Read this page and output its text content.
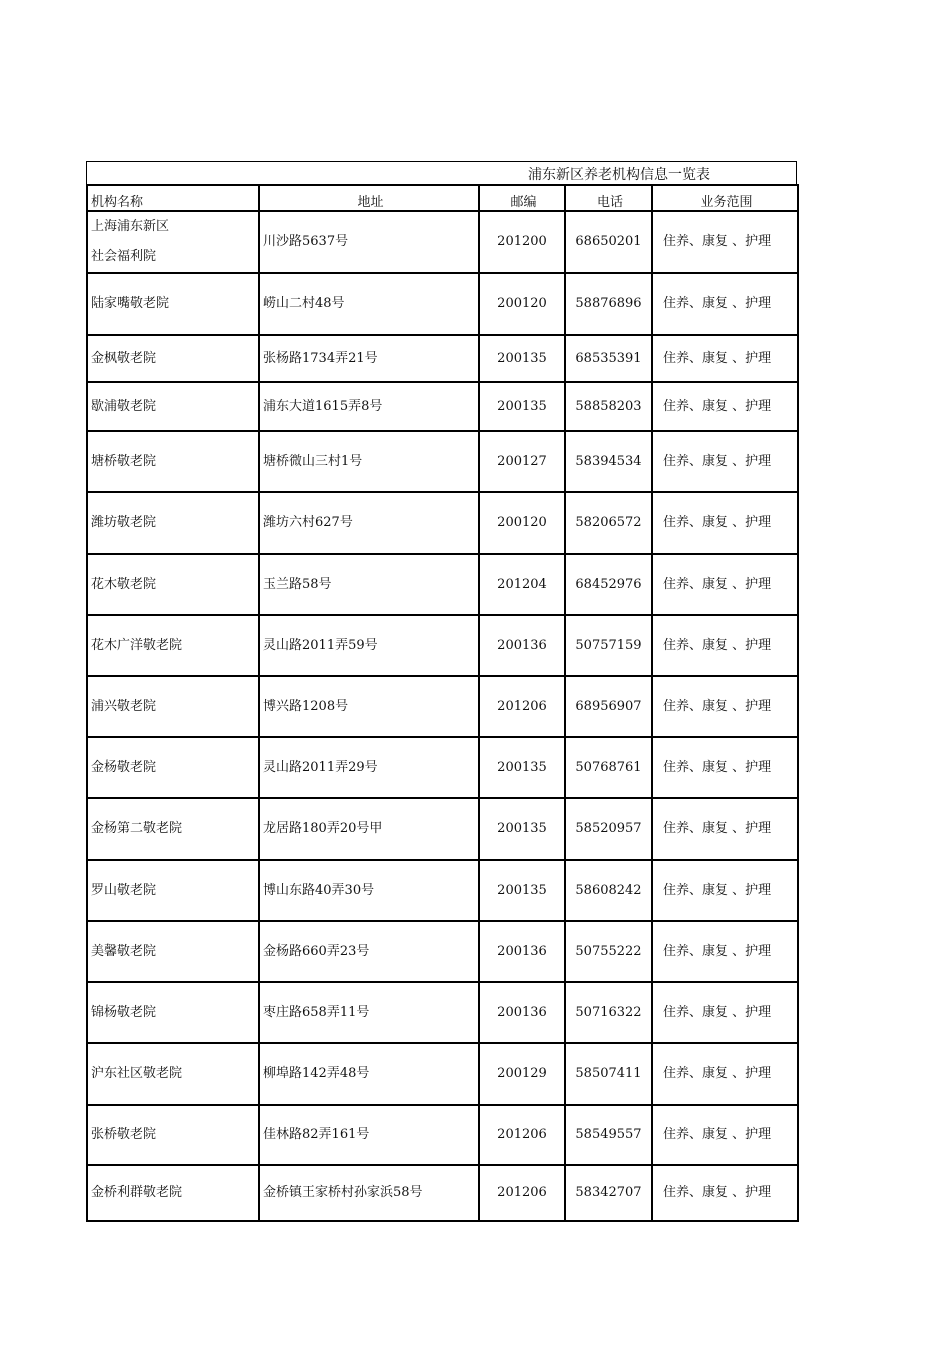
浦东新区养老机构信息一览表
机构名称	地址	邮编	电话	业务范围

上海浦东新区
社会福利院	川沙路5637号	201200	68650201	住养、康复 、护理

陆家嘴敬老院	崂山二村48号	200120	58876896	住养、康复 、护理

金枫敬老院	张杨路1734弄21号	200135	68535391	住养、康复 、护理

歇浦敬老院	浦东大道1615弄8号	200135	58858203	住养、康复 、护理

塘桥敬老院	塘桥微山三村1号	200127	58394534	住养、康复 、护理

潍坊敬老院	潍坊六村627号	200120	58206572	住养、康复 、护理

花木敬老院	玉兰路58号	201204	68452976	住养、康复 、护理

花木广洋敬老院	灵山路2011弄59号	200136	50757159	住养、康复 、护理

浦兴敬老院	博兴路1208号	201206	68956907	住养、康复 、护理

金杨敬老院	灵山路2011弄29号	200135	50768761	住养、康复 、护理

金杨第二敬老院	龙居路180弄20号甲	200135	58520957	住养、康复 、护理

罗山敬老院	博山东路40弄30号	200135	58608242	住养、康复 、护理

美馨敬老院	金杨路660弄23号	200136	50755222	住养、康复 、护理

锦杨敬老院	枣庄路658弄11号	200136	50716322	住养、康复 、护理

沪东社区敬老院	柳埠路142弄48号	200129	58507411	住养、康复 、护理

张桥敬老院	佳林路82弄161号	201206	58549557	住养、康复 、护理

金桥利群敬老院	金桥镇王家桥村孙家浜58号	201206	58342707	住养、康复 、护理
